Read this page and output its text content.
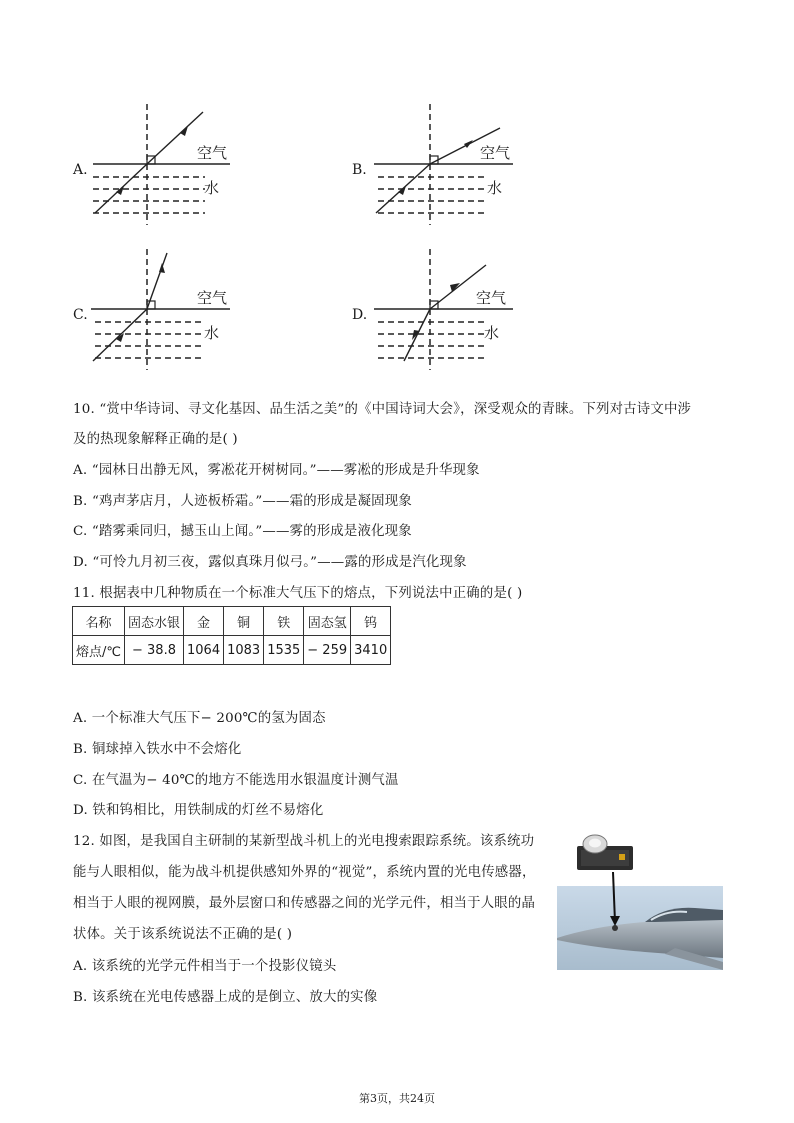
A.
空气
水
B.
空气
水
C.
空气
水
D.
空气
水
10. “赏中华诗词、寻文化基因、品生活之美”的《中国诗词大会》，深受观众的青睐。下列对古诗文中涉
及的热现象解释正确的是( )
A. “园林日出静无风，雾凇花开树树同。”——雾凇的形成是升华现象
B. “鸡声茅店月，人迹板桥霜。”——霜的形成是凝固现象
C. “踏雾乘同归，撼玉山上闻。”——雾的形成是液化现象
D. “可怜九月初三夜，露似真珠月似弓。”——露的形成是汽化现象
11. 根据表中几种物质在一个标准大气压下的熔点，下列说法中正确的是( )
名称	固态水银	金	铜	铁	固态氢	钨
熔点/℃	− 38.8	1064	1083	1535	− 259	3410
A. 一个标准大气压下− 200℃的氢为固态
B. 铜球掉入铁水中不会熔化
C. 在气温为− 40℃的地方不能选用水银温度计测气温
D. 铁和钨相比，用铁制成的灯丝不易熔化
12. 如图，是我国自主研制的某新型战斗机上的光电搜索跟踪系统。该系统功
能与人眼相似，能为战斗机提供感知外界的“视觉”，系统内置的光电传感器，
相当于人眼的视网膜，最外层窗口和传感器之间的光学元件，相当于人眼的晶
状体。关于该系统说法不正确的是( )
A. 该系统的光学元件相当于一个投影仪镜头
B. 该系统在光电传感器上成的是倒立、放大的实像
第3页，共24页
